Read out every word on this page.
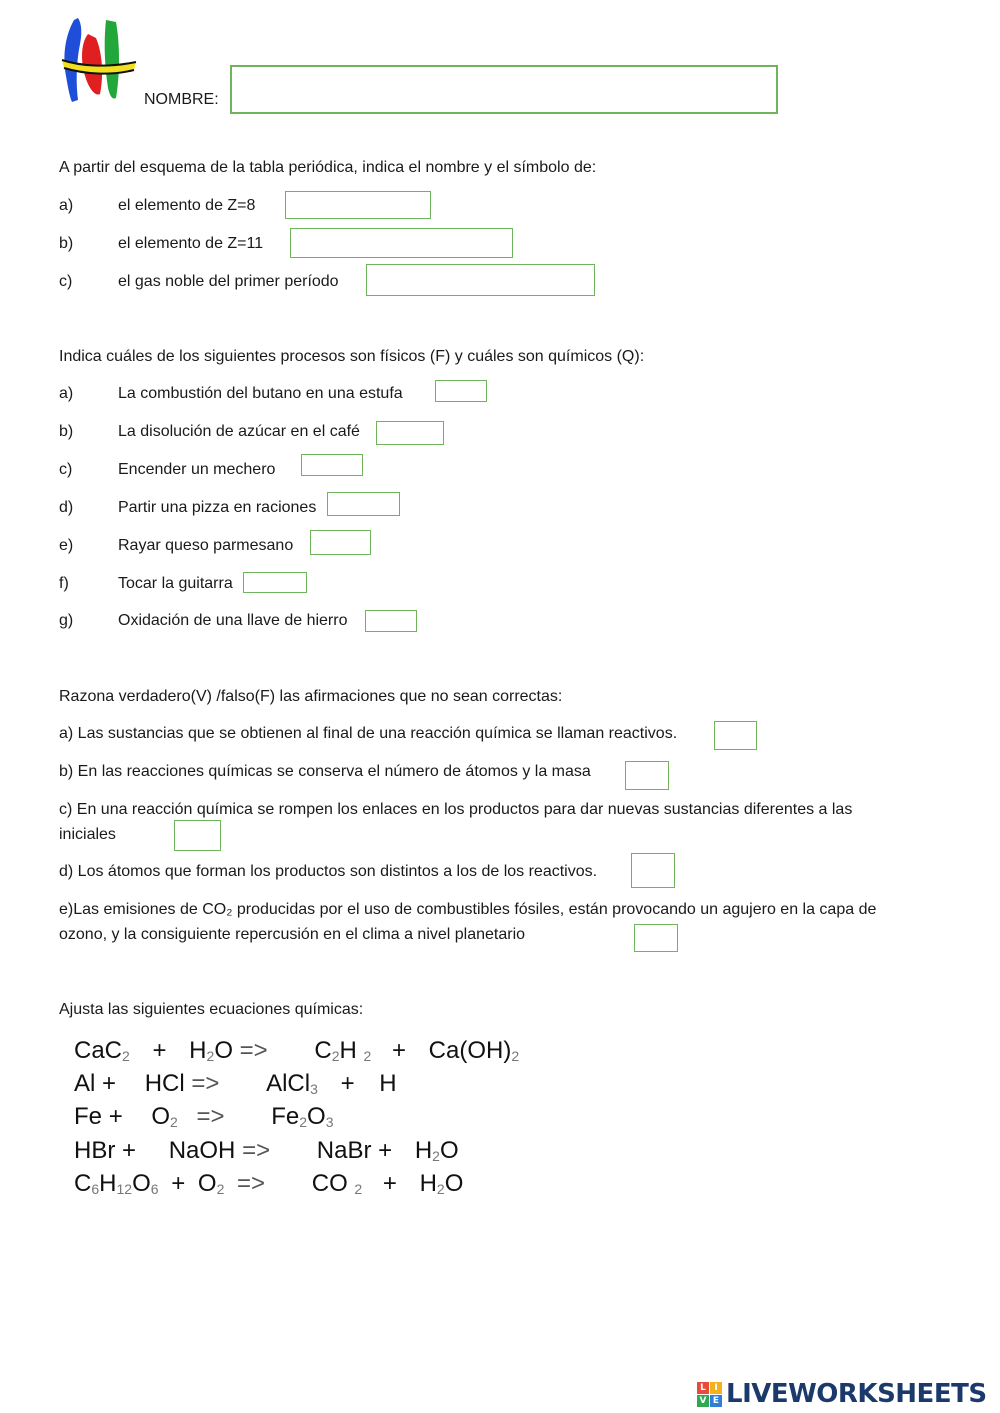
NOMBRE:
A partir del esquema de la tabla periódica, indica el nombre y el símbolo de:
a)	el elemento de Z=8
b)	el elemento de Z=11
c)	el gas noble del primer período
Indica cuáles de los siguientes procesos son físicos (F) y cuáles son químicos (Q):
a)	La combustión del butano en una estufa
b)	La disolución de azúcar en el café
c)	Encender un mechero
d)	Partir una pizza en raciones
e)	Rayar queso parmesano
f)	Tocar la guitarra
g)	Oxidación de una llave de hierro
Razona verdadero(V) /falso(F) las afirmaciones que no sean correctas:
a) Las sustancias que se obtienen al final de una reacción química se llaman reactivos.
b) En las reacciones químicas se conserva el número de átomos y la masa
c) En una reacción química se rompen los enlaces en los productos para dar nuevas sustancias diferentes a las
iniciales
d) Los átomos que forman los productos son distintos a los de los reactivos.
e)Las emisiones de CO₂ producidas por el uso de combustibles fósiles, están provocando un agujero en la capa de
ozono, y la consiguiente repercusión en el clima a nivel planetario
Ajusta las siguientes ecuaciones químicas:
$CaC_2 + H_2O => C_2H$ $_2 + Ca(OH)_2$
Al + HCl => AlCl$_3$ + H
$Fe + O_2 => Fe_2O_3$
HBr + NaOH => NaBr + $H_2O$
$C_6H_{12}O_6 + O_2$ => CO $_2 + H_2O$
L I
V E LIVEWORKSHEETS
